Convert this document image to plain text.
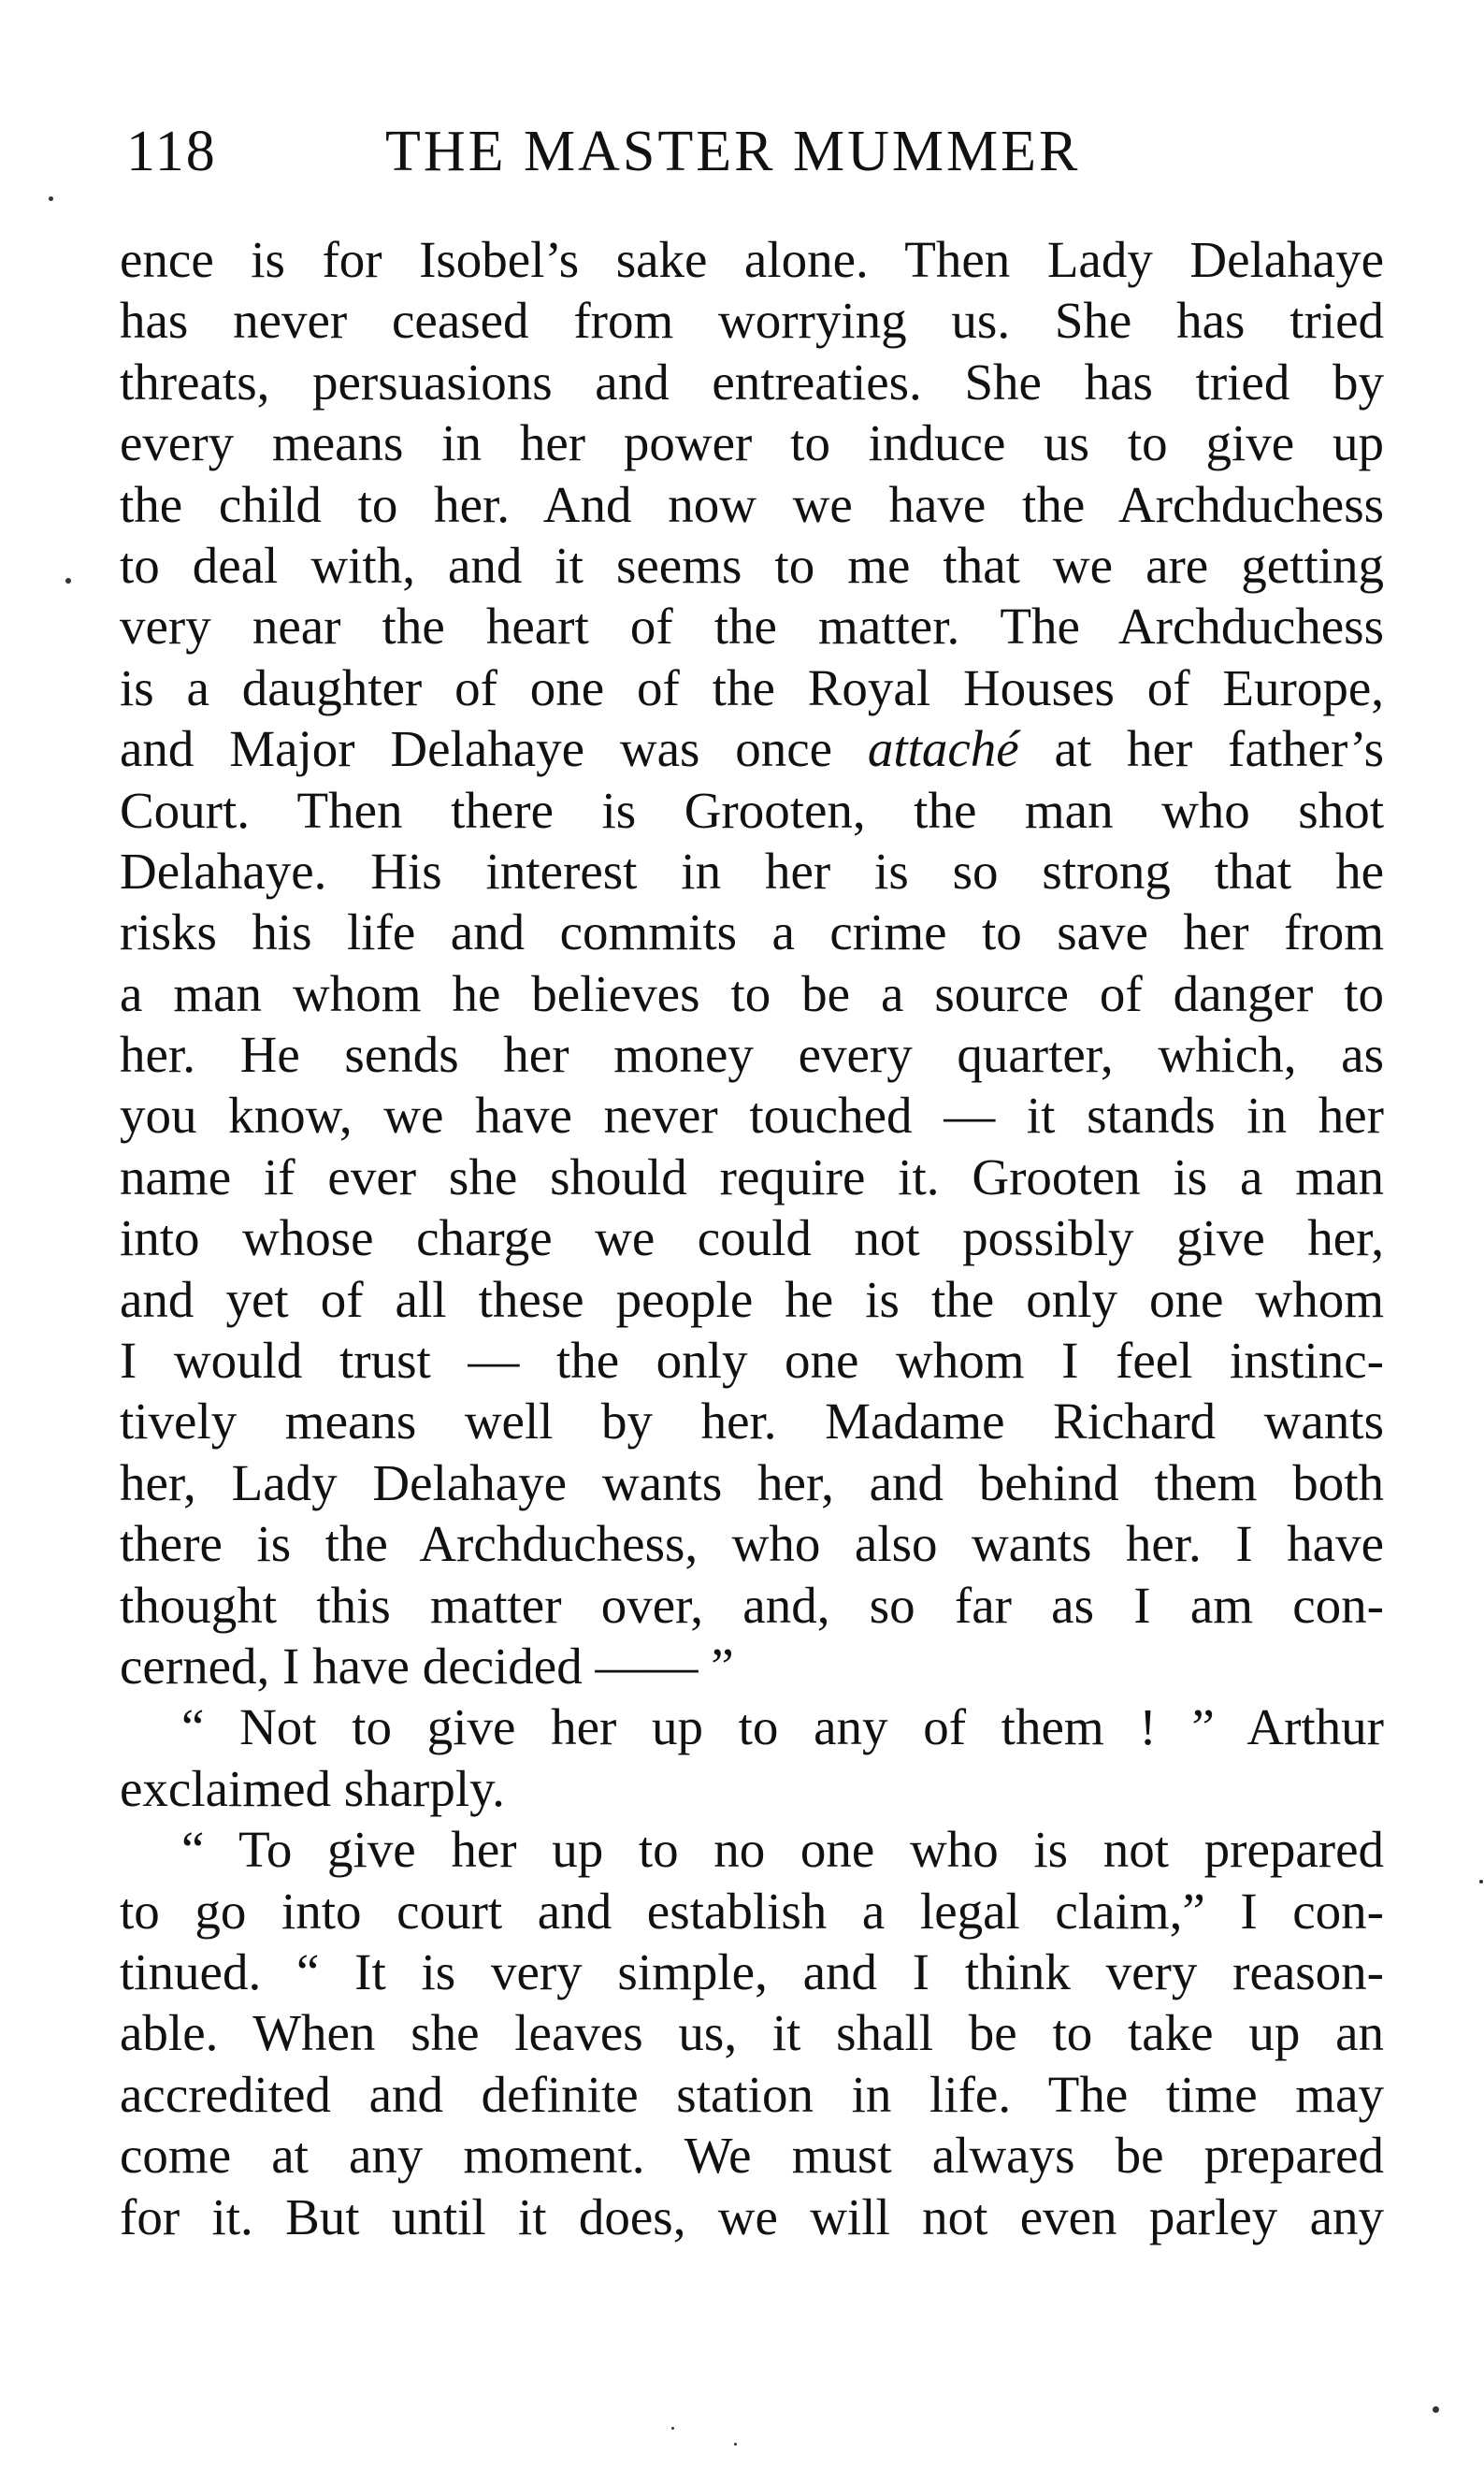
118	THE MASTER MUMMER
ence is for Isobel’s sake alone. Then Lady Delahaye
has never ceased from worrying us. She has tried
threats, persuasions and entreaties. She has tried by
every means in her power to induce us to give up
the child to her. And now we have the Archduchess
to deal with, and it seems to me that we are getting
very near the heart of the matter. The Archduchess
is a daughter of one of the Royal Houses of Europe,
and Major Delahaye was once attaché at her father’s
Court. Then there is Grooten, the man who shot
Delahaye. His interest in her is so strong that he
risks his life and commits a crime to save her from
a man whom he believes to be a source of danger to
her. He sends her money every quarter, which, as
you know, we have never touched — it stands in her
name if ever she should require it. Grooten is a man
into whose charge we could not possibly give her,
and yet of all these people he is the only one whom
I would trust — the only one whom I feel instinc-
tively means well by her. Madame Richard wants
her, Lady Delahaye wants her, and behind them both
there is the Archduchess, who also wants her. I have
thought this matter over, and, so far as I am con-
cerned, I have decided —— ”
“ Not to give her up to any of them ! ” Arthur
exclaimed sharply.
“ To give her up to no one who is not prepared
to go into court and establish a legal claim,” I con-
tinued. “ It is very simple, and I think very reason-
able. When she leaves us, it shall be to take up an
accredited and definite station in life. The time may
come at any moment. We must always be prepared
for it. But until it does, we will not even parley any
